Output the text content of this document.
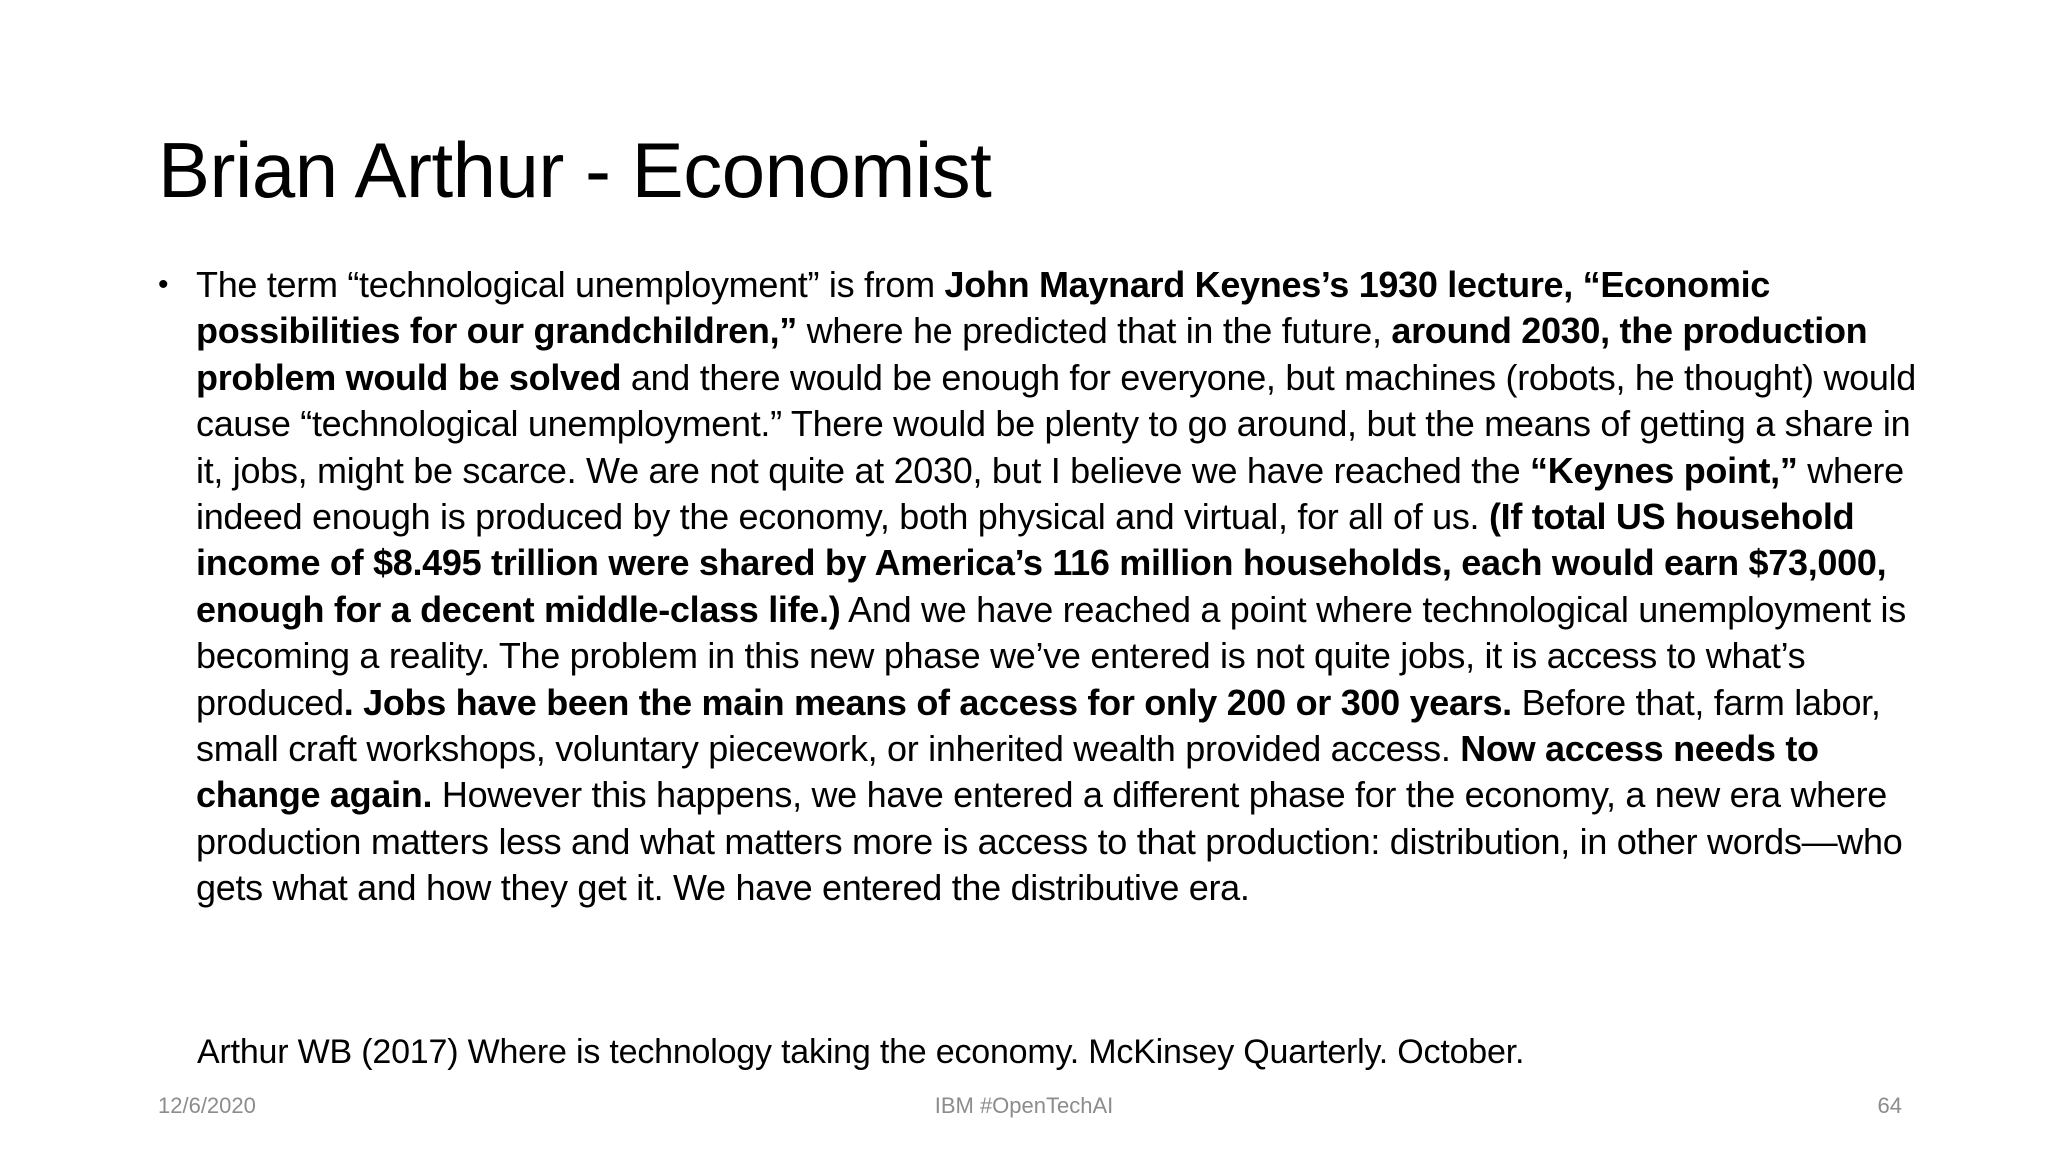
Brian Arthur - Economist
• The term “technological unemployment” is from John Maynard Keynes’s 1930 lecture, “Economic possibilities for our grandchildren,” where he predicted that in the future, around 2030, the production problem would be solved and there would be enough for everyone, but machines (robots, he thought) would cause “technological unemployment.” There would be plenty to go around, but the means of getting a share in it, jobs, might be scarce. We are not quite at 2030, but I believe we have reached the “Keynes point,” where indeed enough is produced by the economy, both physical and virtual, for all of us. (If total US household income of $8.495 trillion were shared by America’s 116 million households, each would earn $73,000, enough for a decent middle-class life.) And we have reached a point where technological unemployment is becoming a reality. The problem in this new phase we’ve entered is not quite jobs, it is access to what’s produced. Jobs have been the main means of access for only 200 or 300 years. Before that, farm labor, small craft workshops, voluntary piecework, or inherited wealth provided access. Now access needs to change again. However this happens, we have entered a different phase for the economy, a new era where production matters less and what matters more is access to that production: distribution, in other words—who gets what and how they get it. We have entered the distributive era.

Arthur WB (2017) Where is technology taking the economy. McKinsey Quarterly. October.
12/6/2020	IBM #OpenTechAI	64
